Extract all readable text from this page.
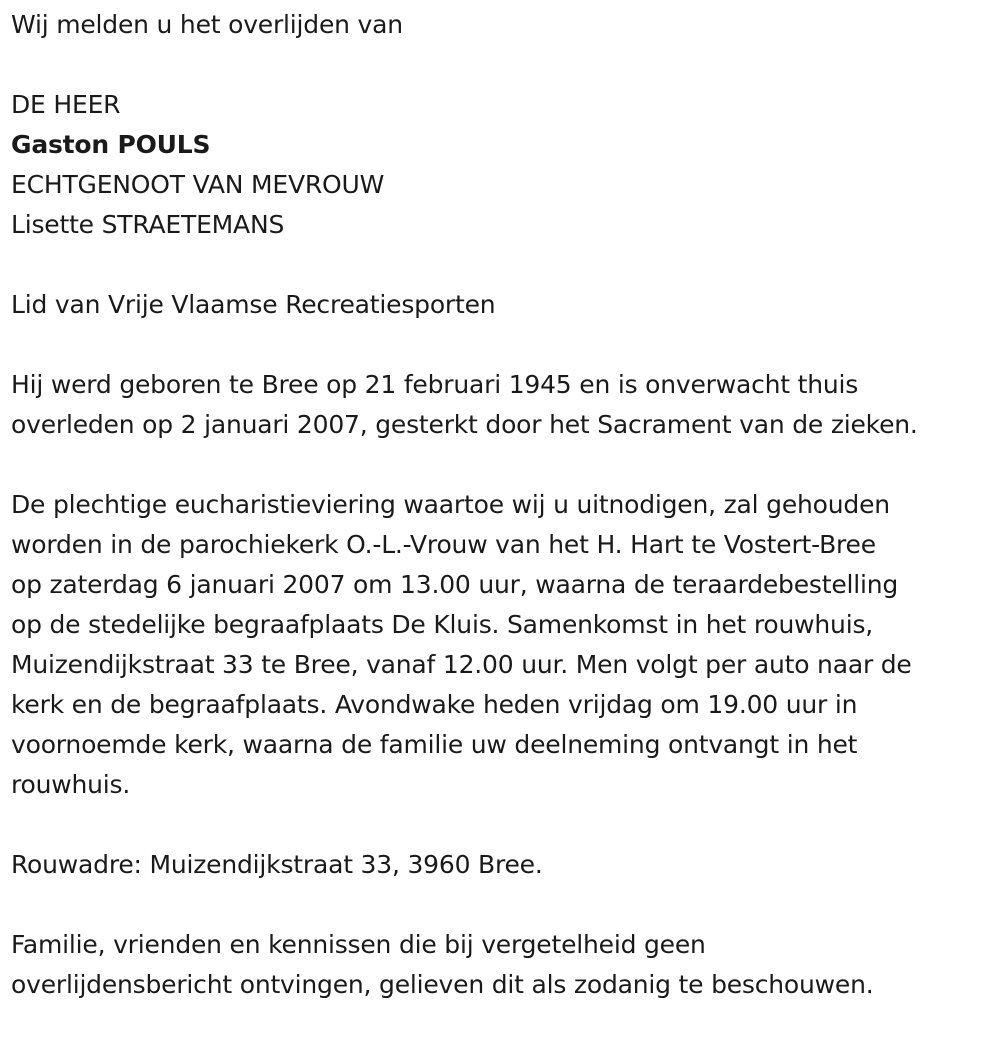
Wij melden u het overlijden van
DE HEER
Gaston POULS
ECHTGENOOT VAN MEVROUW
Lisette STRAETEMANS
Lid van Vrije Vlaamse Recreatiesporten
Hij werd geboren te Bree op 21 februari 1945 en is onverwacht thuis
overleden op 2 januari 2007, gesterkt door het Sacrament van de zieken.
De plechtige eucharistieviering waartoe wij u uitnodigen, zal gehouden
worden in de parochiekerk O.-L.-Vrouw van het H. Hart te Vostert-Bree
op zaterdag 6 januari 2007 om 13.00 uur, waarna de teraardebestelling
op de stedelijke begraafplaats De Kluis. Samenkomst in het rouwhuis,
Muizendijkstraat 33 te Bree, vanaf 12.00 uur. Men volgt per auto naar de
kerk en de begraafplaats. Avondwake heden vrijdag om 19.00 uur in
voornoemde kerk, waarna de familie uw deelneming ontvangt in het
rouwhuis.
Rouwadre: Muizendijkstraat 33, 3960 Bree.
Familie, vrienden en kennissen die bij vergetelheid geen
overlijdensbericht ontvingen, gelieven dit als zodanig te beschouwen.
